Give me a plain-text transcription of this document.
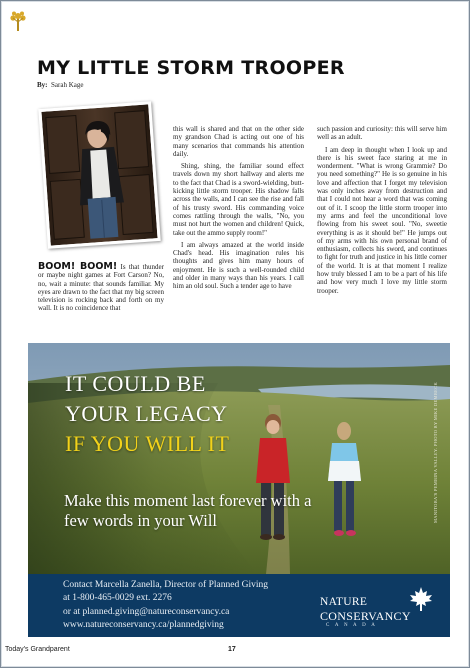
MY LITTLE STORM TROOPER
By: Sarah Kage

BOOM! BOOM! Is that thunder or maybe night games at Fort Carson? No, no, wait a minute: that sounds familiar. My eyes are drawn to the fact that my big screen television is rocking back and forth on my wall. It is no coincidence that

this wall is shared and that on the other side my grandson Chad is acting out one of his many scenarios that commands his attention daily.

Shing, shing, the familiar sound effect travels down my short hallway and alerts me to the fact that Chad is a sword-wielding, butt-kicking little storm trooper. His shadow falls across the walls, and I can see the rise and fall of his trusty sword. His commanding voice comes rattling through the walls, "No, you must not hurt the women and children! Quick, take out the ammo supply room!"

I am always amazed at the world inside Chad's head. His imagination rules his thoughts and gives him many hours of enjoyment. He is such a well-rounded child and older in many ways than his years. I call him an old soul. Such a tender age to have

such passion and curiosity: this will serve him well as an adult.

I am deep in thought when I look up and there is his sweet face staring at me in wonderment. "What is wrong Grammie? Do you need something?" He is so genuine in his love and affection that I forget my television was only inches away from destruction and that I could not hear a word that was coming out of it. I scoop the little storm trooper into my arms and feel the unconditional love flowing from his sweet soul. "No, sweetie everything is as it should be!" He jumps out of my arms with his own personal brand of enthusiasm, collects his sword, and continues to fight for truth and justice in his little corner of the world. It is at that moment I realize how truly blessed I am to be a part of his life and how very much I love my little storm trooper.

IT COULD BE
YOUR LEGACY
IF YOU WILL IT
Make this moment last forever with a few words in your Will	MANITOBA'S PEMBINA VALLEY. PHOTO BY MIKE DEMBECK
Contact Marcella Zanella, Director of Planned Giving
at 1-800-465-0029 ext. 2276
or at planned.giving@natureconservancy.ca
www.natureconservancy.ca/plannedgiving
NATURE
CONSERVANCY
CANADA
Today's Grandparent	17
